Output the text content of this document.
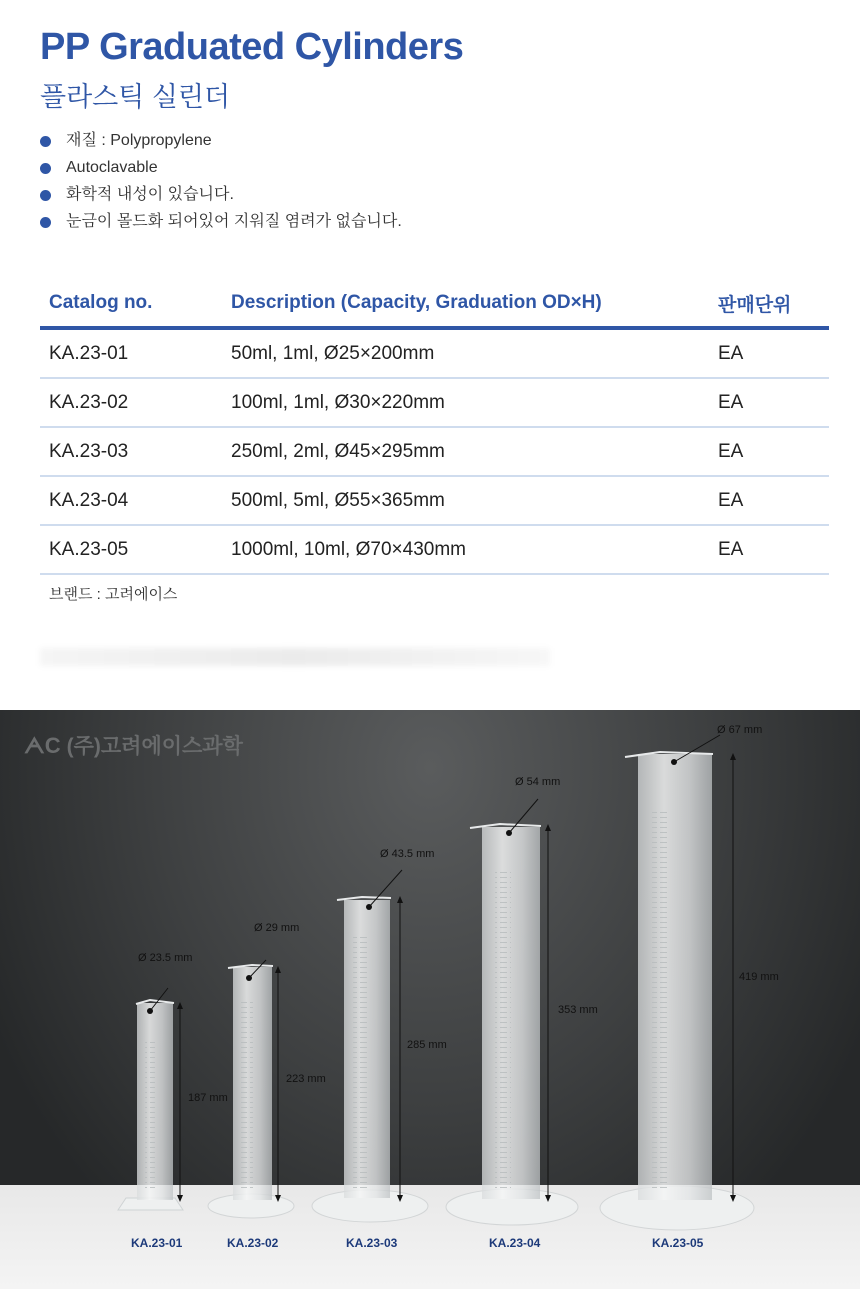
PP Graduated Cylinders
플라스틱 실린더
재질 : Polypropylene
Autoclavable
화학적 내성이 있습니다.
눈금이 몰드화 되어있어 지워질 염려가 없습니다.
Catalog no.	Description (Capacity, Graduation OD×H)	판매단위
KA.23-01	50ml, 1ml, Ø25×200mm	EA
KA.23-02	100ml, 1ml, Ø30×220mm	EA
KA.23-03	250ml, 2ml, Ø45×295mm	EA
KA.23-04	500ml, 5ml, Ø55×365mm	EA
KA.23-05	1000ml, 10ml, Ø70×430mm	EA
브랜드 : 고려에이스
ᗅC (주)고려에이스과학
Ø 23.5 mm
187 mm
Ø 29 mm
223 mm
Ø 43.5 mm
285 mm
Ø 54 mm
353 mm
Ø 67 mm
419 mm
KA.23-01	KA.23-02	KA.23-03	KA.23-04	KA.23-05
